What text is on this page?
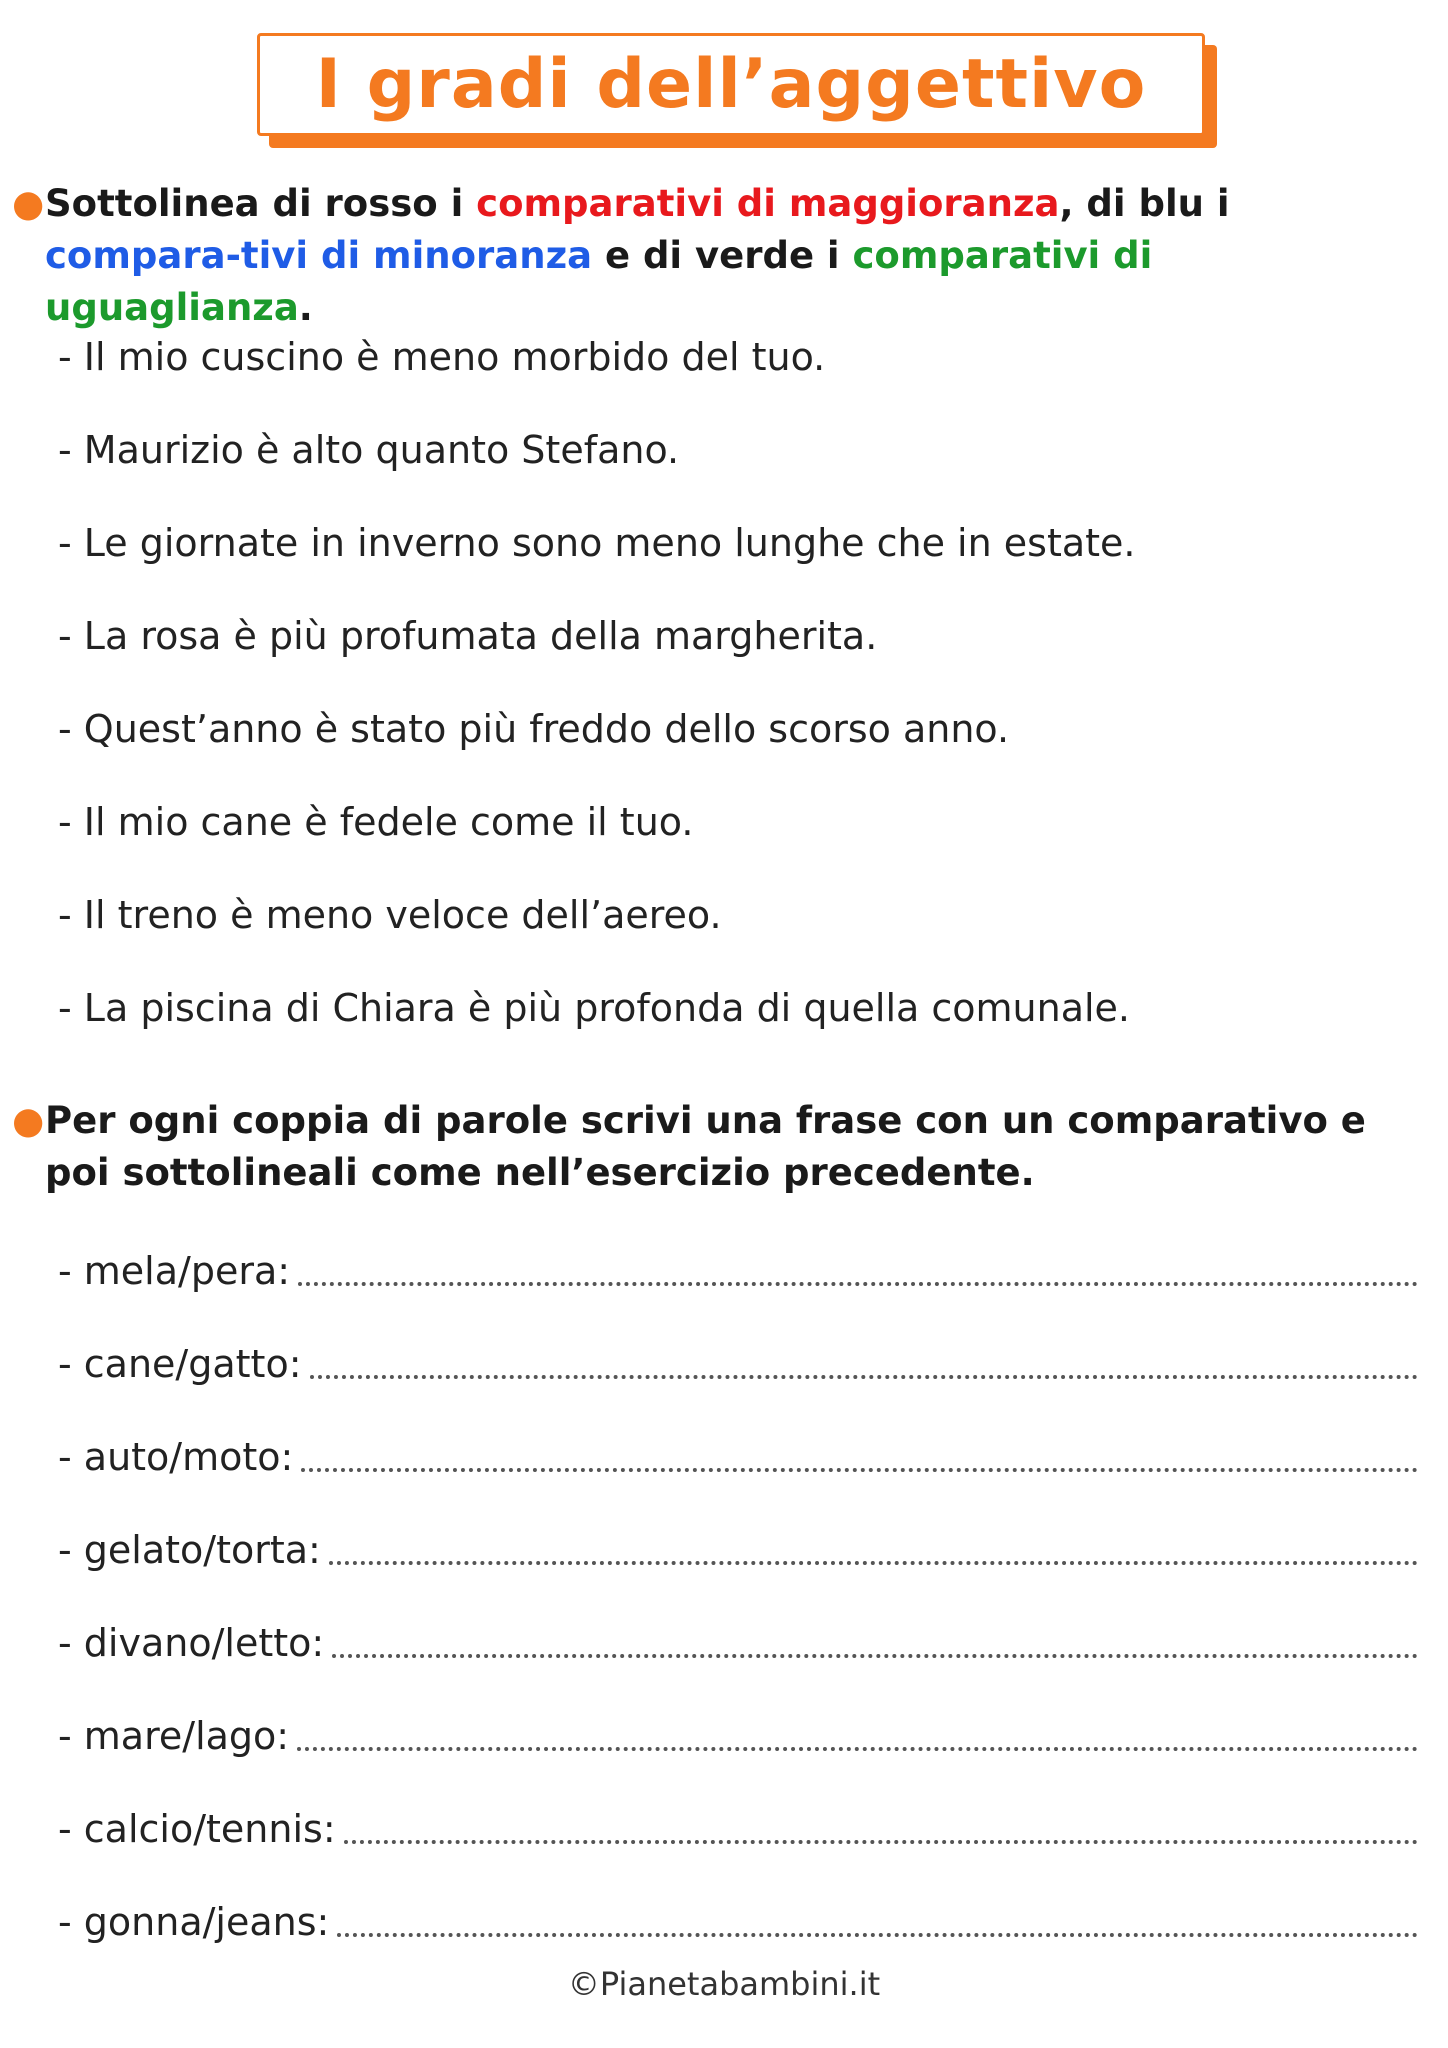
I gradi dell’aggettivo
● Sottolinea di rosso i comparativi di maggioranza, di blu i compara-tivi di minoranza e di verde i comparativi di uguaglianza.
- Il mio cuscino è meno morbido del tuo.
- Maurizio è alto quanto Stefano.
- Le giornate in inverno sono meno lunghe che in estate.
- La rosa è più profumata della margherita.
- Quest’anno è stato più freddo dello scorso anno.
- Il mio cane è fedele come il tuo.
- Il treno è meno veloce dell’aereo.
- La piscina di Chiara è più profonda di quella comunale.
● Per ogni coppia di parole scrivi una frase con un comparativo e poi sottolineali come nell’esercizio precedente.
- mela/pera:
- cane/gatto:
- auto/moto:
- gelato/torta:
- divano/letto:
- mare/lago:
- calcio/tennis:
- gonna/jeans:
©Pianetabambini.it
